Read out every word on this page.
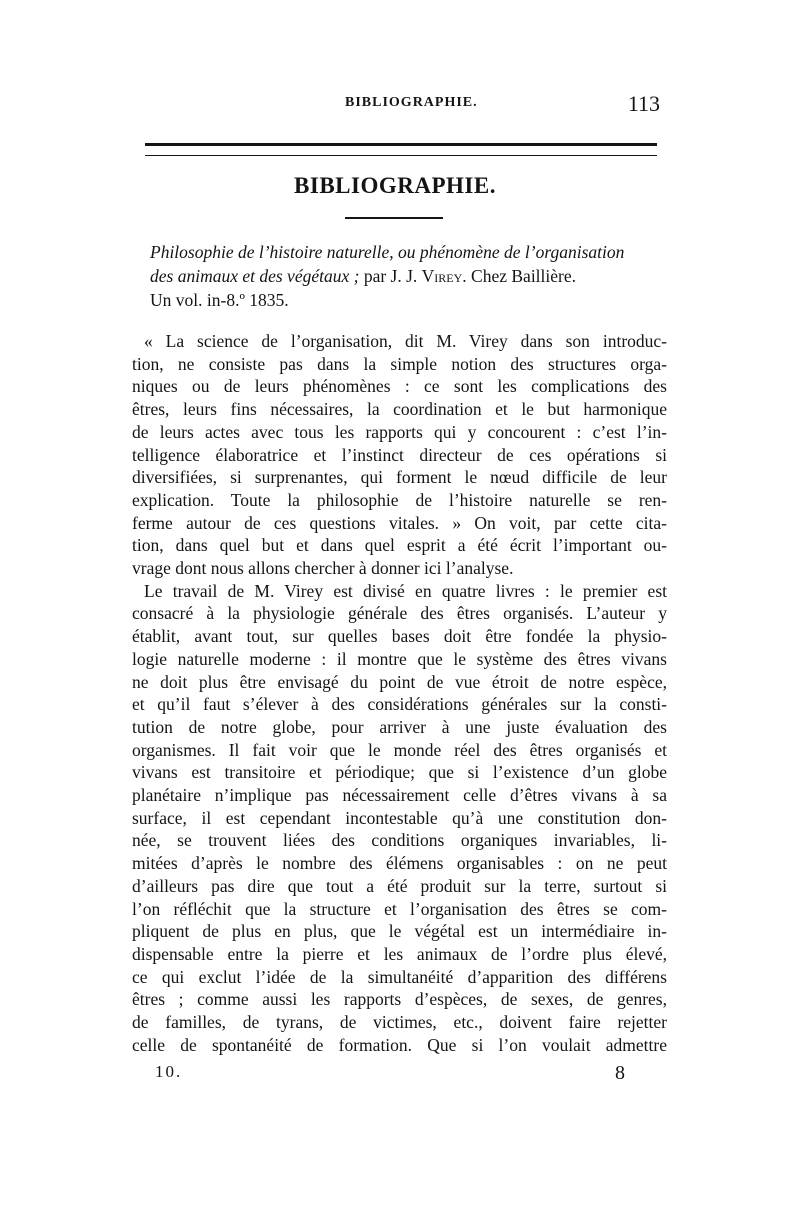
BIBLIOGRAPHIE.	113
BIBLIOGRAPHIE.
Philosophie de l’histoire naturelle, ou phénomène de l’organisation
des animaux et des végétaux ; par J. J. Virey. Chez Baillière.
Un vol. in-8.º 1835.
« La science de l’organisation, dit M. Virey dans son introduc-
tion, ne consiste pas dans la simple notion des structures orga-
niques ou de leurs phénomènes : ce sont les complications des
êtres, leurs fins nécessaires, la coordination et le but harmonique
de leurs actes avec tous les rapports qui y concourent : c’est l’in-
telligence élaboratrice et l’instinct directeur de ces opérations si
diversifiées, si surprenantes, qui forment le nœud difficile de leur
explication. Toute la philosophie de l’histoire naturelle se ren-
ferme autour de ces questions vitales. » On voit, par cette cita-
tion, dans quel but et dans quel esprit a été écrit l’important ou-
vrage dont nous allons chercher à donner ici l’analyse.
Le travail de M. Virey est divisé en quatre livres : le premier est
consacré à la physiologie générale des êtres organisés. L’auteur y
établit, avant tout, sur quelles bases doit être fondée la physio-
logie naturelle moderne : il montre que le système des êtres vivans
ne doit plus être envisagé du point de vue étroit de notre espèce,
et qu’il faut s’élever à des considérations générales sur la consti-
tution de notre globe, pour arriver à une juste évaluation des
organismes. Il fait voir que le monde réel des êtres organisés et
vivans est transitoire et périodique; que si l’existence d’un globe
planétaire n’implique pas nécessairement celle d’êtres vivans à sa
surface, il est cependant incontestable qu’à une constitution don-
née, se trouvent liées des conditions organiques invariables, li-
mitées d’après le nombre des élémens organisables : on ne peut
d’ailleurs pas dire que tout a été produit sur la terre, surtout si
l’on réfléchit que la structure et l’organisation des êtres se com-
pliquent de plus en plus, que le végétal est un intermédiaire in-
dispensable entre la pierre et les animaux de l’ordre plus élevé,
ce qui exclut l’idée de la simultanéité d’apparition des différens
êtres ; comme aussi les rapports d’espèces, de sexes, de genres,
de familles, de tyrans, de victimes, etc., doivent faire rejetter
celle de spontanéité de formation. Que si l’on voulait admettre
10.	8
